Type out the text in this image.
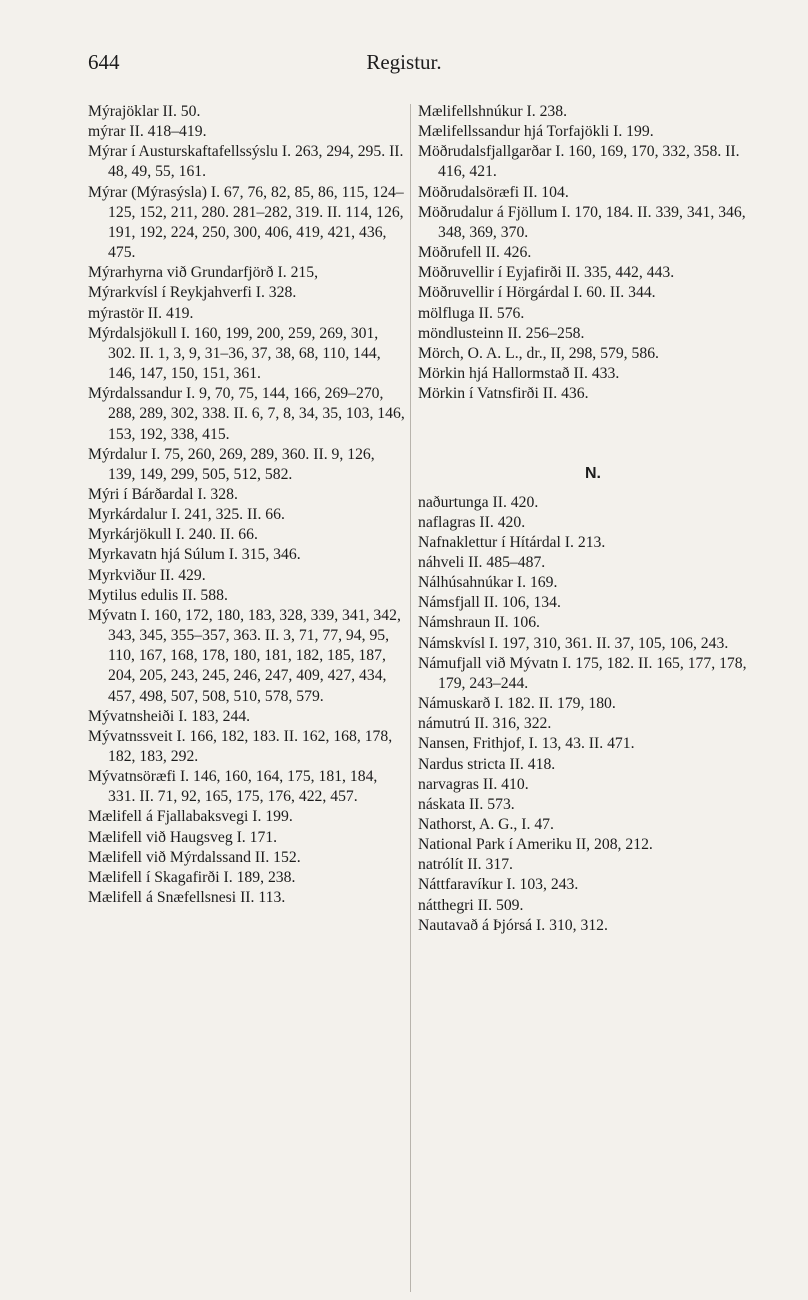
644	Registur.
Mýrajöklar II. 50.
mýrar II. 418–419.
Mýrar í Austurskaftafellssýslu I. 263, 294, 295. II. 48, 49, 55, 161.
Mýrar (Mýrasýsla) I. 67, 76, 82, 85, 86, 115, 124–125, 152, 211, 280. 281–282, 319. II. 114, 126, 191, 192, 224, 250, 300, 406, 419, 421, 436, 475.
Mýrarhyrna við Grundarfjörð I. 215,
Mýrarkvísl í Reykjahverfi I. 328.
mýrastör II. 419.
Mýrdalsjökull I. 160, 199, 200, 259, 269, 301, 302. II. 1, 3, 9, 31–36, 37, 38, 68, 110, 144, 146, 147, 150, 151, 361.
Mýrdalssandur I. 9, 70, 75, 144, 166, 269–270, 288, 289, 302, 338. II. 6, 7, 8, 34, 35, 103, 146, 153, 192, 338, 415.
Mýrdalur I. 75, 260, 269, 289, 360. II. 9, 126, 139, 149, 299, 505, 512, 582.
Mýri í Bárðardal I. 328.
Myrkárdalur I. 241, 325. II. 66.
Myrkárjökull I. 240. II. 66.
Myrkavatn hjá Súlum I. 315, 346.
Myrkviður II. 429.
Mytilus edulis II. 588.
Mývatn I. 160, 172, 180, 183, 328, 339, 341, 342, 343, 345, 355–357, 363. II. 3, 71, 77, 94, 95, 110, 167, 168, 178, 180, 181, 182, 185, 187, 204, 205, 243, 245, 246, 247, 409, 427, 434, 457, 498, 507, 508, 510, 578, 579.
Mývatnsheiði I. 183, 244.
Mývatnssveit I. 166, 182, 183. II. 162, 168, 178, 182, 183, 292.
Mývatnsöræfi I. 146, 160, 164, 175, 181, 184, 331. II. 71, 92, 165, 175, 176, 422, 457.
Mælifell á Fjallabaksvegi I. 199.
Mælifell við Haugsveg I. 171.
Mælifell við Mýrdalssand II. 152.
Mælifell í Skagafirði I. 189, 238.
Mælifell á Snæfellsnesi II. 113.
Mælifellshnúkur I. 238.
Mælifellssandur hjá Torfajökli I. 199.
Möðrudalsfjallgarðar I. 160, 169, 170, 332, 358. II. 416, 421.
Möðrudalsöræfi II. 104.
Möðrudalur á Fjöllum I. 170, 184. II. 339, 341, 346, 348, 369, 370.
Möðrufell II. 426.
Möðruvellir í Eyjafirði II. 335, 442, 443.
Möðruvellir í Hörgárdal I. 60. II. 344.
mölfluga II. 576.
möndlusteinn II. 256–258.
Mörch, O. A. L., dr., II, 298, 579, 586.
Mörkin hjá Hallormstað II. 433.
Mörkin í Vatnsfirði II. 436.
N.
naðurtunga II. 420.
naflagras II. 420.
Nafnaklettur í Hítárdal I. 213.
náhveli II. 485–487.
Nálhúsahnúkar I. 169.
Námsfjall II. 106, 134.
Námshraun II. 106.
Námskvísl I. 197, 310, 361. II. 37, 105, 106, 243.
Námufjall við Mývatn I. 175, 182. II. 165, 177, 178, 179, 243–244.
Námuskarð I. 182. II. 179, 180.
námutrú II. 316, 322.
Nansen, Frithjof, I. 13, 43. II. 471.
Nardus stricta II. 418.
narvagras II. 410.
náskata II. 573.
Nathorst, A. G., I. 47.
National Park í Ameriku II, 208, 212.
natrólít II. 317.
Náttfaravíkur I. 103, 243.
nátthegri II. 509.
Nautavað á Þjórsá I. 310, 312.
